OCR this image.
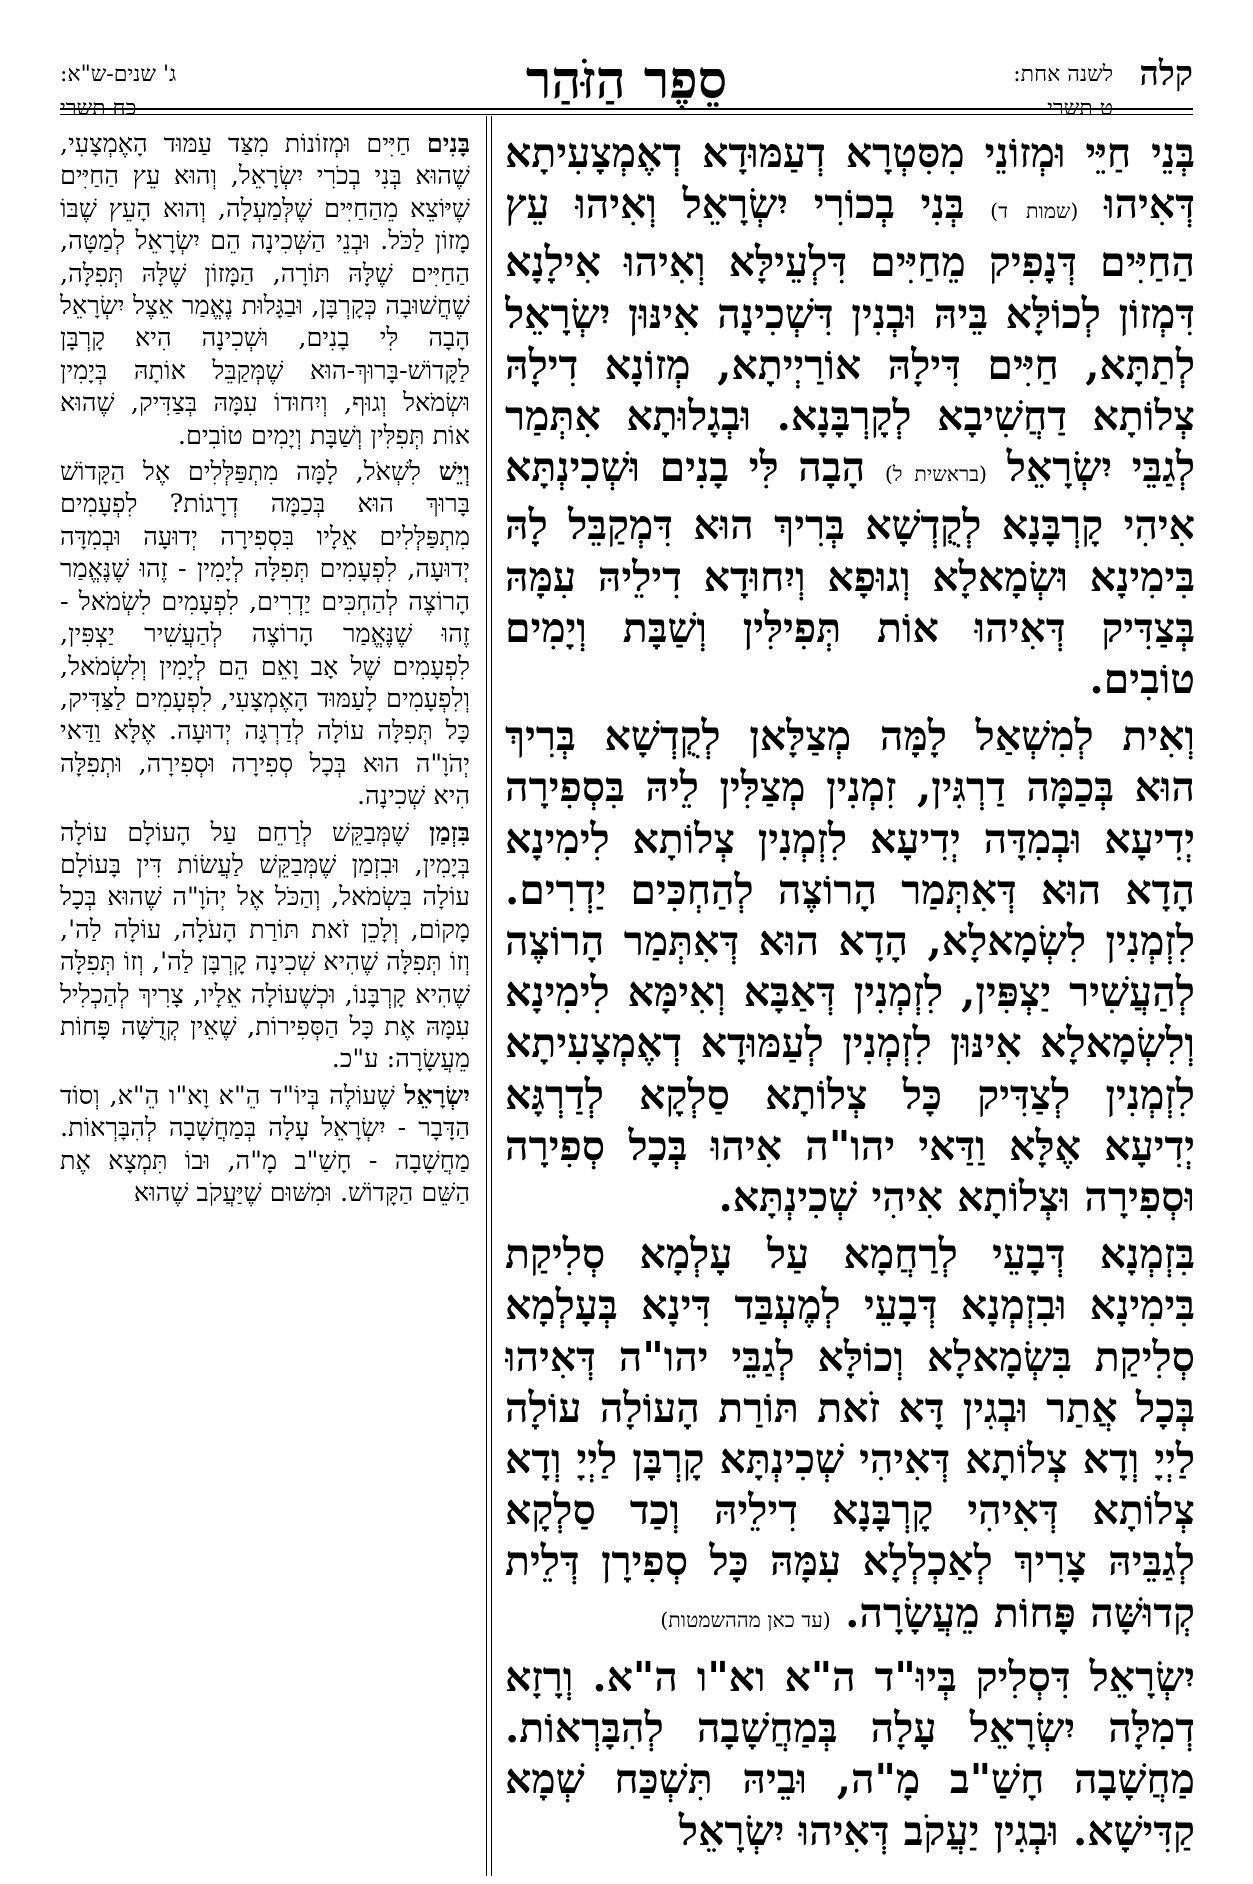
קלה
לשנה אחת:
ט תשרי
סֵפֶר הַזֹּהַר
ג' שנים-ש"א:
כח תשרי

בְּנֵי חַיֵּי וּמְזוֹנֵי מִסִּטְרָא דְעַמּוּדָא דְאֶמְצָעִיתָא דְּאִיהוּ (שמות ד) בְּנִי בְכוֹרִי יִשְׂרָאֵל וְאִיהוּ עֵץ הַחַיִּים דְּנָפִיק מֵחַיִּים דִּלְעֵילָּא וְאִיהוּ אִילָנָא דִּמְזוֹן לְכוֹלָּא בֵּיהּ וּבְנִין דִּשְׁכִינָה אִינּוּן יִשְׂרָאֵל לְתַתָּא, חַיִּים דִּילָהּ אוֹרַיְיתָא, מְזוֹנָא דִילָהּ צְלוֹתָא דַחֲשִׁיבָא לְקָרְבָּנָא. וּבְגָלוּתָא אִתְּמַר לְגַבֵּי יִשְׂרָאֵל (בראשית ל) הָבָה לִּי בָנִים וּשְׁכִינְתָּא אִיהִי קָרְבָּנָא לְקֻדְשָׁא בְּרִיךְ הוּא דִּמְקַבֵּל לָהּ בִּימִינָא וּשְׂמָאלָא וְגוּפָא וְיִחוּדָא דִילֵיהּ עִמָּהּ בְּצַדִּיק דְּאִיהוּ אוֹת תְּפִילִּין וְשַׁבָּת וְיָמִים טוֹבִים.

וְאִית לְמִשְׁאַל לָמָּה מְצַלָּאן לְקֻדְשָׁא בְּרִיךְ הוּא בְּכַמָּה דַרְגִּין, זִמְנִין מְצַלִּין לֵיהּ בִּסְפִירָה יְדִיעָא וּבְמִדָּה יְדִיעָא לִזְמְנִין צְלוֹתָא לִימִינָא הָדָא הוּא דְּאִתְּמַר הָרוֹצֶה לְהַחְכִּים יַדְרִים. לִזְמְנִין לִשְׂמָאלָא, הָדָא הוּא דְּאִתְּמַר הָרוֹצֶה לְהַעֲשִׁיר יַצְפִּין, לִזְמְנִין דְּאַבָּא וְאִימָּא לִימִינָא וְלִשְׂמָאלָא אִינּוּן לִזְמְנִין לְעַמּוּדָא דְאֶמְצָעִיתָא לִזְמְנִין לְצַדִּיק כָּל צְלוֹתָא סַלְקָא לְדַרְגָּא יְדִיעָא אֶלָּא וַדַּאי יהו"ה אִיהוּ בְּכָל סְפִירָה וּסְפִירָה וּצְלוֹתָא אִיהִי שְׁכִינְתָּא.

בִּזְמְנָא דְּבָעֵי לְרַחֲמָא עַל עָלְמָא סְלִיקַת בִּימִינָא וּבִזְמְנָא דְּבָעֵי לְמֶעְבַּד דִּינָא בְּעָלְמָא סְלִיקַת בִּשְׂמָאלָא וְכוֹלָּא לְגַבֵּי יהו"ה דְּאִיהוּ בְּכָל אֲתַר וּבְגִין דָּא זֹאת תּוֹרַת הָעוֹלָה עוֹלָה לַיְיָ וְדָא צְלוֹתָא דְּאִיהִי שְׁכִינְתָּא קָרְבָּן לַיְיָ וְדָא צְלוֹתָא דְּאִיהִי קָרְבָּנָא דִילֵיהּ וְכַד סַלְקָא לְגַבֵּיהּ צָרִיךְ לְאַכְלְלָא עִמָּהּ כָּל סְפִירָן דְּלֵית קְדוּשָּׁה פָּחוֹת מֵעֲשָׂרָה. (עד כאן מההשמטות)

יִשְׂרָאֵל דִּסְלִיק בְּיוּ"ד ה"א וא"ו ה"א. וְרָזָא דְמִלָּה יִשְׂרָאֵל עָלָה בְּמַחֲשָׁבָה לְהִבָּרְאוֹת. מַחֲשָׁבָה חָשַׁ"ב מָ"ה, וּבֵיהּ תִּשְׁכַּח שְׁמָא קַדִּישָׁא. וּבְגִין יַעֲקֹב דְּאִיהוּ יִשְׂרָאֵל

בָּנִים חַיִּים וּמְזוֹנוֹת מִצַּד עַמּוּד הָאֶמְצָעִי, שֶׁהוּא בְּנִי בְכֹרִי יִשְׂרָאֵל, וְהוּא עֵץ הַחַיִּים שֶׁיּוֹצֵא מֵהַחַיִּים שֶׁלְּמַעְלָה, וְהוּא הָעֵץ שֶׁבּוֹ מָזוֹן לַכֹּל. וּבְנֵי הַשְּׁכִינָה הֵם יִשְׂרָאֵל לְמַטָּה, הַחַיִּים שֶׁלָּהּ תּוֹרָה, הַמָּזוֹן שֶׁלָּהּ תְּפִלָּה, שֶׁחֲשׁוּבָה כְּקָרְבָּן, וּבַגָּלוּת נֶאֱמַר אֵצֶל יִשְׂרָאֵל הָבָה לִּי בָנִים, וּשְׁכִינָה הִיא קָרְבָּן לַקָּדוֹשׁ-בָּרוּךְ-הוּא שֶׁמְּקַבֵּל אוֹתָהּ בְּיָמִין וּשְׂמֹאל וְגוּף, וְיִחוּדוֹ עִמָּהּ בְּצַדִּיק, שֶׁהוּא אוֹת תְּפִלִּין וְשַׁבָּת וְיָמִים טוֹבִים.

וְיֵשׁ לִשְׁאֹל, לָמָּה מִתְפַּלְּלִים אֶל הַקָּדוֹשׁ בָּרוּךְ הוּא בְּכַמָּה דְרָגוֹת? לִפְעָמִים מִתְפַּלְּלִים אֵלָיו בִּסְפִירָה יְדוּעָה וּבְמִדָּה יְדוּעָה, לִפְעָמִים תְּפִלָּה לְיָמִין - זֶהוּ שֶׁנֶּאֱמַר הָרוֹצֶה לְהַחְכִּים יַדְרִים, לִפְעָמִים לִשְׂמֹאל - זֶהוּ שֶׁנֶּאֱמַר הָרוֹצֶה לְהַעֲשִׁיר יַצְפִּין, לִפְעָמִים שֶׁל אָב וָאֵם הֵם לְיָמִין וְלִשְׂמֹאל, וְלִפְעָמִים לָעַמּוּד הָאֶמְצָעִי, לִפְעָמִים לַצַּדִּיק, כָּל תְּפִלָּה עוֹלָה לְדַרְגָּה יְדוּעָה. אֶלָּא וַדַּאי יְהֹוָ"ה הוּא בְּכָל סְפִירָה וּסְפִירָה, וּתְפִלָּה הִיא שְׁכִינָה.

בִּזְמַן שֶׁמְּבַקֵּשׁ לְרַחֵם עַל הָעוֹלָם עוֹלָה בְּיָמִין, וּבִזְמַן שֶׁמְּבַקֵּשׁ לַעֲשׂוֹת דִּין בָּעוֹלָם עוֹלָה בִּשְׂמֹאל, וְהַכֹּל אֶל יְהֹוָ"ה שֶׁהוּא בְּכָל מָקוֹם, וְלָכֵן זֹאת תּוֹרַת הָעֹלָה, עוֹלָה לַה', וְזוֹ תְּפִלָּה שֶׁהִיא שְׁכִינָה קָרְבָּן לַה', וְזוֹ תְּפִלָּה שֶׁהִיא קָרְבָּנוֹ, וּכְשֶׁעוֹלָה אֵלָיו, צָרִיךְ לְהַכְלִיל עִמָּהּ אֶת כָּל הַסְּפִירוֹת, שֶׁאֵין קְדֻשָּׁה פָּחוֹת מֵעֲשָׂרָה: ע"כ.

יִשְׂרָאֵל שֶׁעוֹלֶה בְּיוֹ"ד הֵ"א וָא"ו הֵ"א, וְסוֹד הַדָּבָר - יִשְׂרָאֵל עָלָה בְּמַחֲשָׁבָה לְהִבָּרְאוֹת. מַחֲשָׁבָה - חָשַׁ"ב מָ"ה, וּבוֹ תִּמְצָא אֶת הַשֵּׁם הַקָּדוֹשׁ. וּמִשּׁוּם שֶׁיַּעֲקֹב שֶׁהוּא
